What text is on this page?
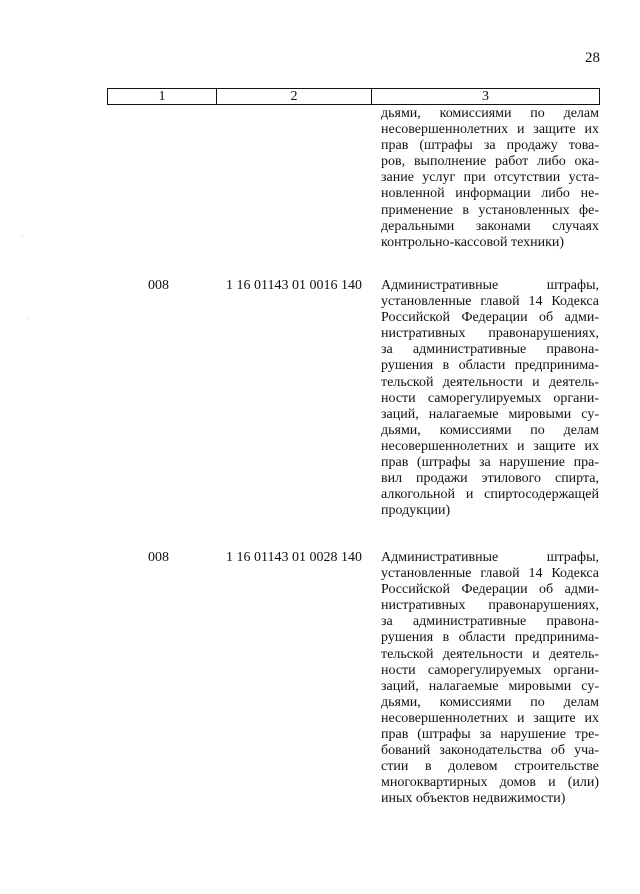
28
1	2	3
дьями, комиссиями по делам
несовершеннолетних и защите их
прав (штрафы за продажу това-
ров, выполнение работ либо ока-
зание услуг при отсутствии уста-
новленной информации либо не-
применение в установленных фе-
деральными законами случаях
контрольно-кассовой техники)
008	1 16 01143 01 0016 140 Административные штрафы,
установленные главой 14 Кодекса
Российской Федерации об адми-
нистративных правонарушениях,
за административные правона-
рушения в области предпринима-
тельской деятельности и деятель-
ности саморегулируемых органи-
заций, налагаемые мировыми су-
дьями, комиссиями по делам
несовершеннолетних и защите их
прав (штрафы за нарушение пра-
вил продажи этилового спирта,
алкогольной и спиртосодержащей
продукции)
008	1 16 01143 01 0028 140 Административные штрафы,
установленные главой 14 Кодекса
Российской Федерации об адми-
нистративных правонарушениях,
за административные правона-
рушения в области предпринима-
тельской деятельности и деятель-
ности саморегулируемых органи-
заций, налагаемые мировыми су-
дьями, комиссиями по делам
несовершеннолетних и защите их
прав (штрафы за нарушение тре-
бований законодательства об уча-
стии в долевом строительстве
многоквартирных домов и (или)
иных объектов недвижимости)
